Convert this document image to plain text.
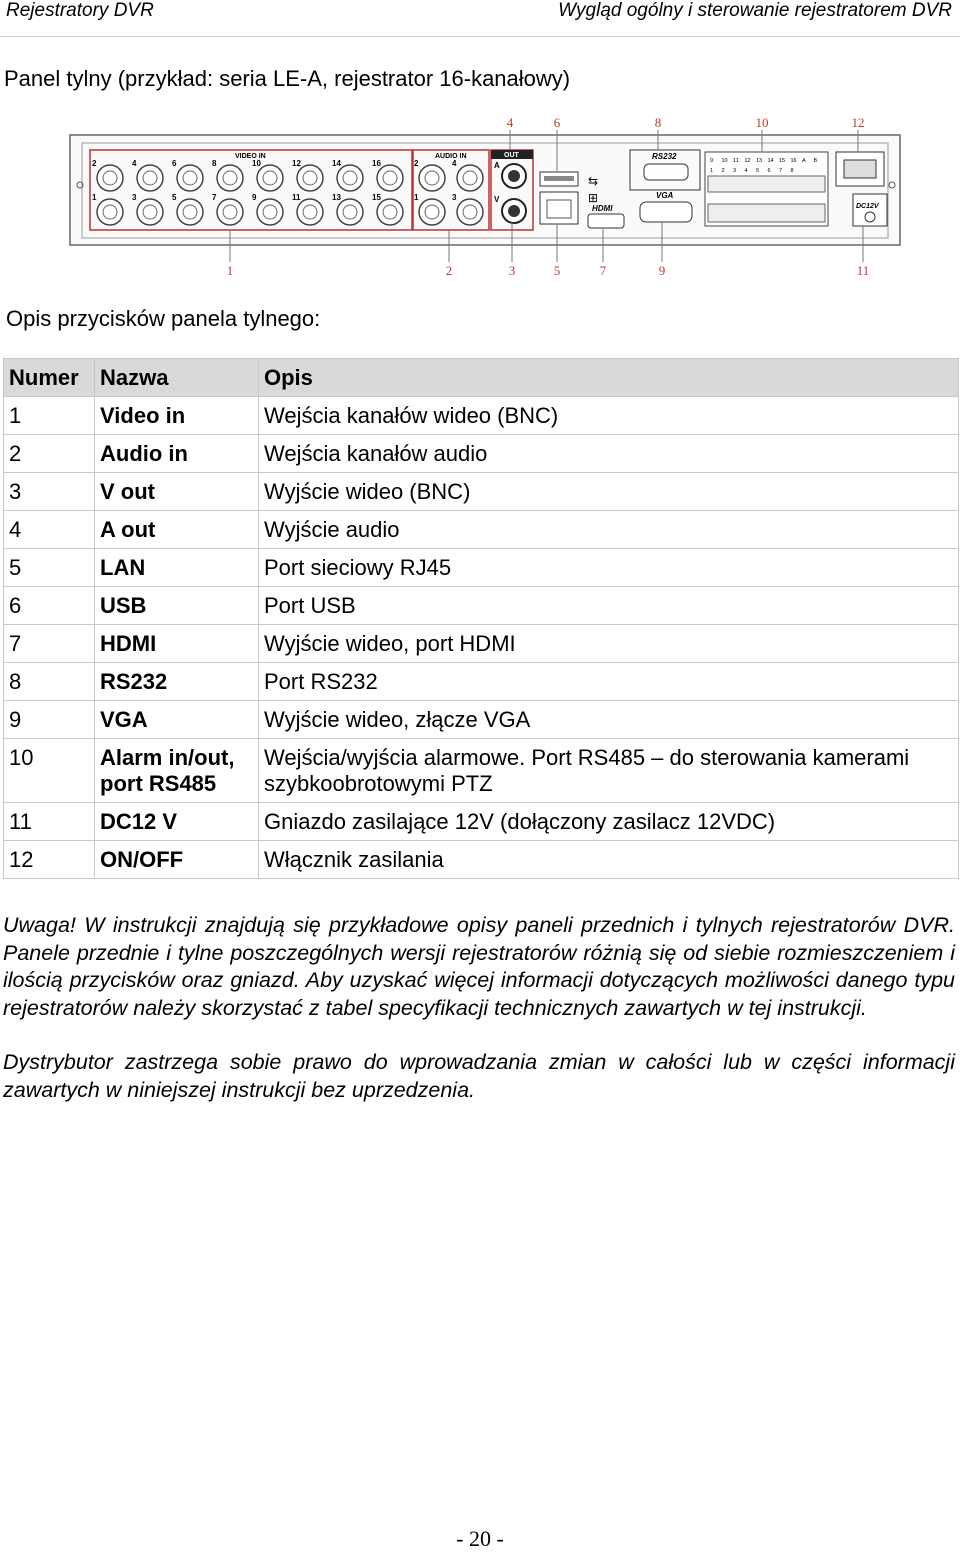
Rejestratory DVR	Wygląd ogólny i sterowanie rejestratorem DVR
Panel tylny (przykład: seria LE-A, rejestrator 16-kanałowy)
VIDEO IN
2	4	6	8	10	12	14	16
1	3	5	7	9	11	13	15
AUDIO IN
2	4
1	3
OUT
A
V
⇆
⊞
HDMI
RS232
VGA
9 10 11 12 13 14 15 16 A B
1 2 3 4 5 6 7 8
DC12V
4	6	8	10	12
1	2	3	5	7	9	11
Opis przycisków panela tylnego:
Numer	Nazwa	Opis
1	Video in	Wejścia kanałów wideo (BNC)
2	Audio in	Wejścia kanałów audio
3	V out	Wyjście wideo (BNC)
4	A out	Wyjście audio
5	LAN	Port sieciowy RJ45
6	USB	Port USB
7	HDMI	Wyjście wideo, port HDMI
8	RS232	Port RS232
9	VGA	Wyjście wideo, złącze VGA
10	Alarm in/out, port RS485	Wejścia/wyjścia alarmowe. Port RS485 – do sterowania kamerami szybkoobrotowymi PTZ
11	DC12 V	Gniazdo zasilające 12V (dołączony zasilacz 12VDC)
12	ON/OFF	Włącznik zasilania

Uwaga! W instrukcji znajdują się przykładowe opisy paneli przednich i tylnych rejestratorów DVR. Panele przednie i tylne poszczególnych wersji rejestratorów różnią się od siebie rozmieszczeniem i ilością przycisków oraz gniazd. Aby uzyskać więcej informacji dotyczących możliwości danego typu rejestratorów należy skorzystać z tabel specyfikacji technicznych zawartych w tej instrukcji.

Dystrybutor zastrzega sobie prawo do wprowadzania zmian w całości lub w części informacji zawartych w niniejszej instrukcji bez uprzedzenia.

- 20 -
